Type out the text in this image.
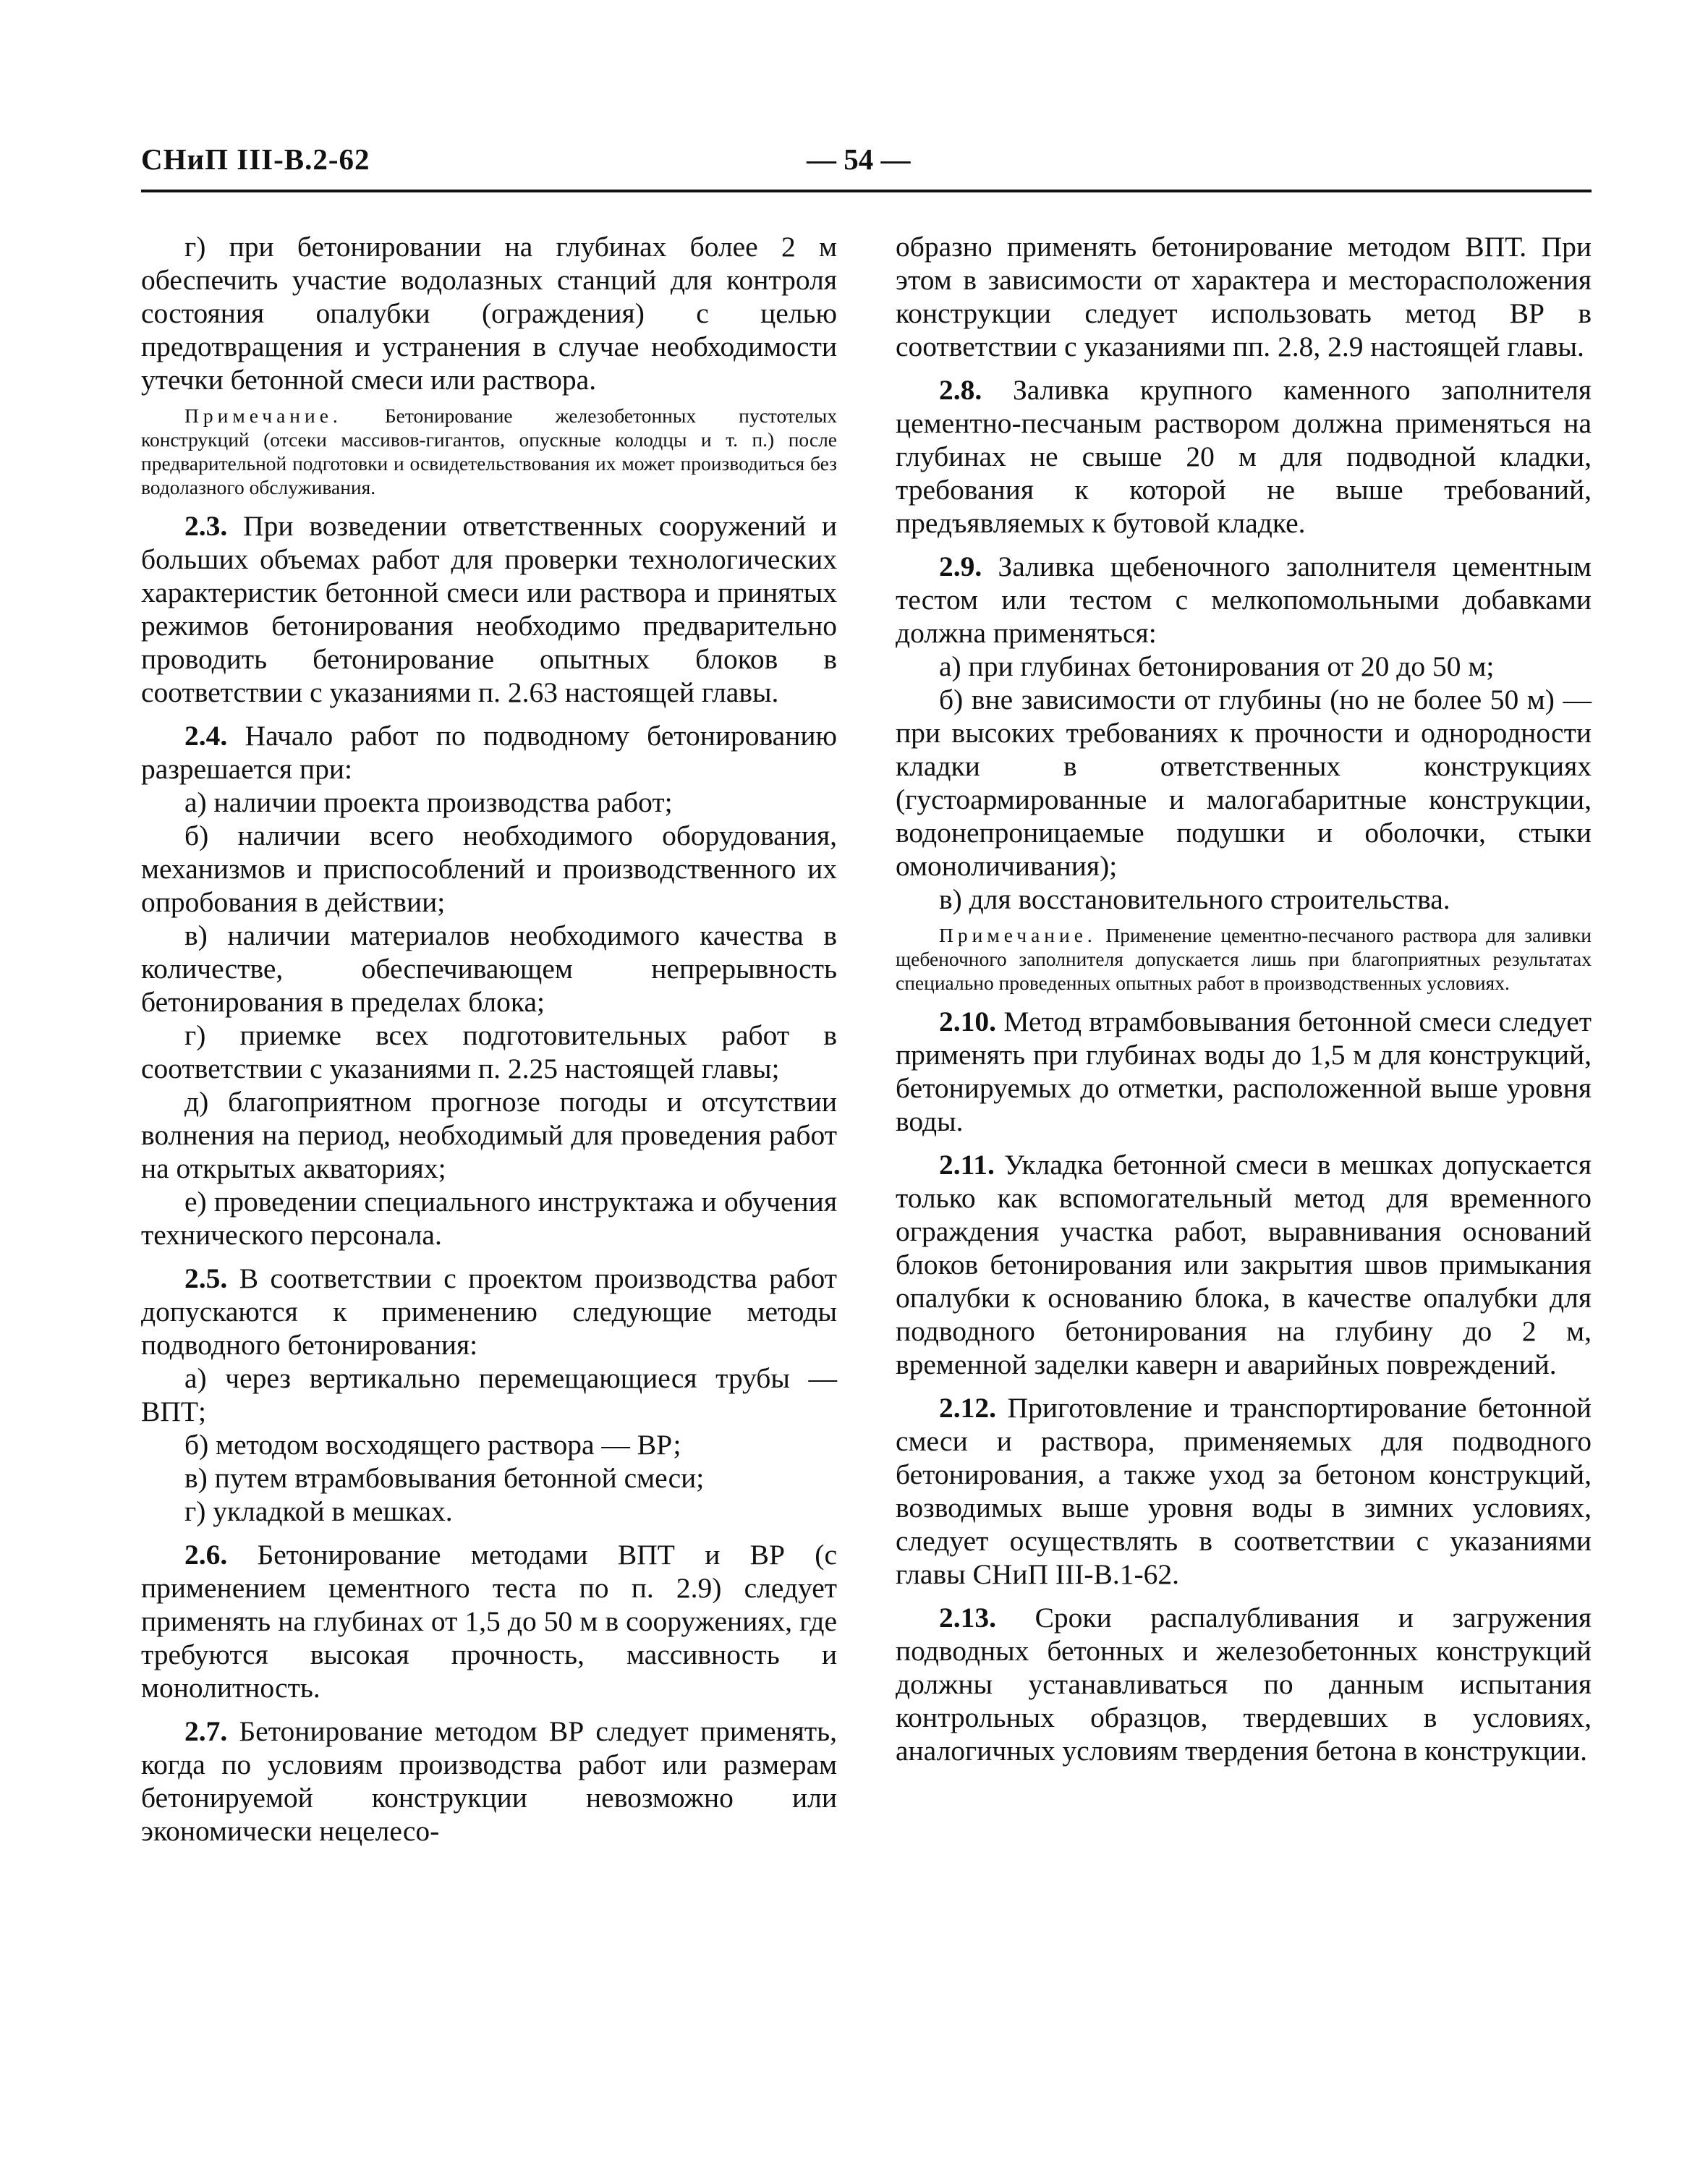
СНиП III-В.2-62	— 54 —

г) при бетонировании на глубинах более 2 м обеспечить участие водолазных станций для контроля состояния опалубки (ограждения) с целью предотвращения и устранения в случае необходимости утечки бетонной смеси или раствора.

Примечание. Бетонирование железобетонных пустотелых конструкций (отсеки массивов-гигантов, опускные колодцы и т. п.) после предварительной подготовки и освидетельствования их может производиться без водолазного обслуживания.

2.3. При возведении ответственных сооружений и больших объемах работ для проверки технологических характеристик бетонной смеси или раствора и принятых режимов бетонирования необходимо предварительно проводить бетонирование опытных блоков в соответствии с указаниями п. 2.63 настоящей главы.

2.4. Начало работ по подводному бетонированию разрешается при:

а) наличии проекта производства работ;

б) наличии всего необходимого оборудования, механизмов и приспособлений и производственного их опробования в действии;

в) наличии материалов необходимого качества в количестве, обеспечивающем непрерывность бетонирования в пределах блока;

г) приемке всех подготовительных работ в соответствии с указаниями п. 2.25 настоящей главы;

д) благоприятном прогнозе погоды и отсутствии волнения на период, необходимый для проведения работ на открытых акваториях;

е) проведении специального инструктажа и обучения технического персонала.

2.5. В соответствии с проектом производства работ допускаются к применению следующие методы подводного бетонирования:

а) через вертикально перемещающиеся трубы — ВПТ;

б) методом восходящего раствора — ВР;

в) путем втрамбовывания бетонной смеси;

г) укладкой в мешках.

2.6. Бетонирование методами ВПТ и ВР (с применением цементного теста по п. 2.9) следует применять на глубинах от 1,5 до 50 м в сооружениях, где требуются высокая прочность, массивность и монолитность.

2.7. Бетонирование методом ВР следует применять, когда по условиям производства работ или размерам бетонируемой конструкции невозможно или экономически нецелесо-

образно применять бетонирование методом ВПТ. При этом в зависимости от характера и месторасположения конструкции следует использовать метод ВР в соответствии с указаниями пп. 2.8, 2.9 настоящей главы.

2.8. Заливка крупного каменного заполнителя цементно-песчаным раствором должна применяться на глубинах не свыше 20 м для подводной кладки, требования к которой не выше требований, предъявляемых к бутовой кладке.

2.9. Заливка щебеночного заполнителя цементным тестом или тестом с мелкопомольными добавками должна применяться:

а) при глубинах бетонирования от 20 до 50 м;

б) вне зависимости от глубины (но не более 50 м) — при высоких требованиях к прочности и однородности кладки в ответственных конструкциях (густоармированные и малогабаритные конструкции, водонепроницаемые подушки и оболочки, стыки омоноличивания);

в) для восстановительного строительства.

Примечание. Применение цементно-песчаного раствора для заливки щебеночного заполнителя допускается лишь при благоприятных результатах специально проведенных опытных работ в производственных условиях.

2.10. Метод втрамбовывания бетонной смеси следует применять при глубинах воды до 1,5 м для конструкций, бетонируемых до отметки, расположенной выше уровня воды.

2.11. Укладка бетонной смеси в мешках допускается только как вспомогательный метод для временного ограждения участка работ, выравнивания оснований блоков бетонирования или закрытия швов примыкания опалубки к основанию блока, в качестве опалубки для подводного бетонирования на глубину до 2 м, временной заделки каверн и аварийных повреждений.

2.12. Приготовление и транспортирование бетонной смеси и раствора, применяемых для подводного бетонирования, а также уход за бетоном конструкций, возводимых выше уровня воды в зимних условиях, следует осуществлять в соответствии с указаниями главы СНиП III-В.1-62.

2.13. Сроки распалубливания и загружения подводных бетонных и железобетонных конструкций должны устанавливаться по данным испытания контрольных образцов, твердевших в условиях, аналогичных условиям твердения бетона в конструкции.
